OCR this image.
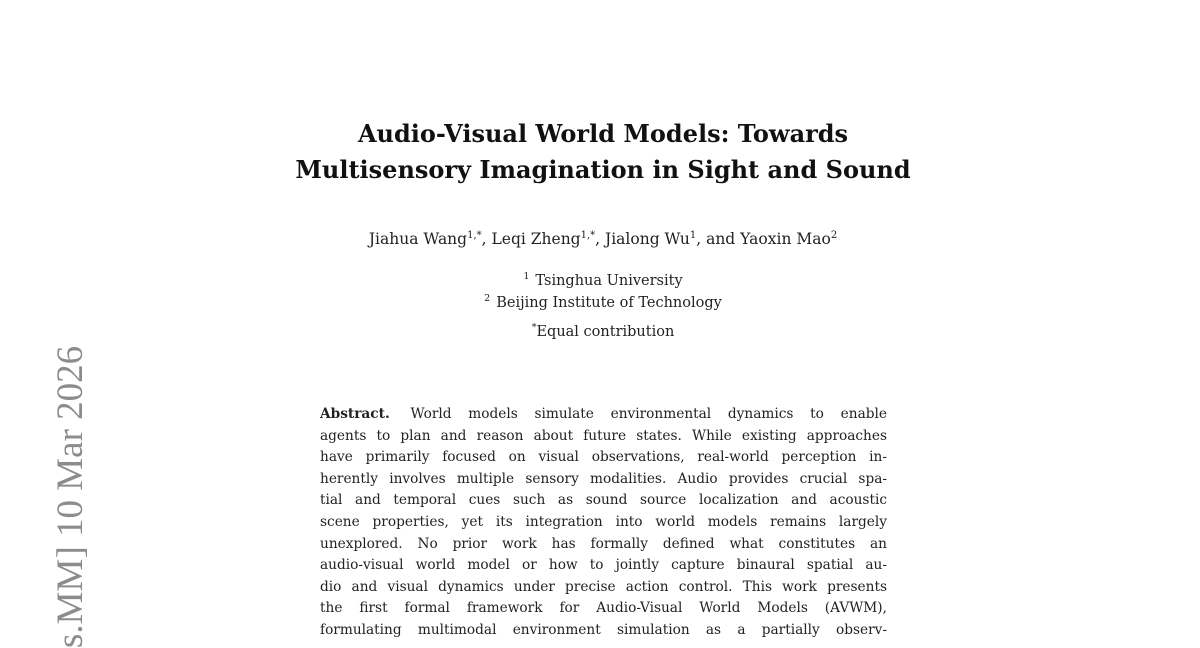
s.MM] 10 Mar 2026
Audio-Visual World Models: Towards
Multisensory Imagination in Sight and Sound
Jiahua Wang$^{1,*}$, Leqi Zheng$^{1,*}$, Jialong Wu$^1$, and Yaoxin Mao$^2$
$^1$ Tsinghua University
$^2$ Beijing Institute of Technology
*Equal contribution
Abstract. World models simulate environmental dynamics to enable
agents to plan and reason about future states. While existing approaches
have primarily focused on visual observations, real-world perception in-
herently involves multiple sensory modalities. Audio provides crucial spa-
tial and temporal cues such as sound source localization and acoustic
scene properties, yet its integration into world models remains largely
unexplored. No prior work has formally defined what constitutes an
audio-visual world model or how to jointly capture binaural spatial au-
dio and visual dynamics under precise action control. This work presents
the first formal framework for Audio-Visual World Models (AVWM),
formulating multimodal environment simulation as a partially observ-
